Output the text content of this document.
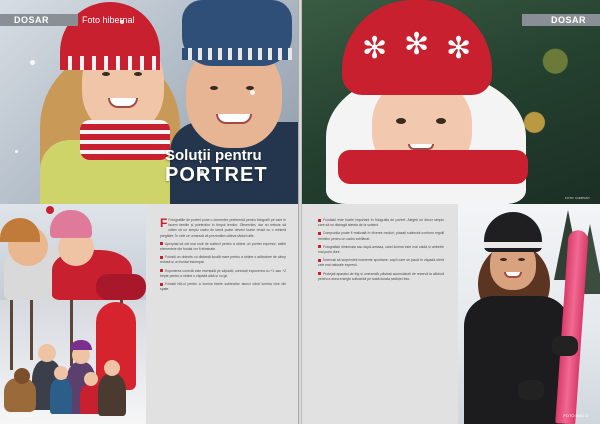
DOSAR	Foto hibernal
Soluții pentru
PORTRET
✻ ✻ ✻
DOSAR
FOTO: COMPANY
2 FOTO MAG

F Fotografiile de portret pune o domeniee preferență pentru fotografii pe care le facem familie și prietenilor în timpul iernilor. Observăm, dar nu trebuie să uităm că un simplu cadru de iarnă poate deveni foarte reușit cu o minimă pregătire. În cele ce urmează vă prezentăm câteva sfaturi utile.

Apropiați-vă cât mai mult de subiect pentru a obține un portret expresiv; astfel elementele din fundal vor fi eliminate.

Folosiți un obiectiv cu distanță focală mare pentru a obține o adâncime de câmp redusă și un fundal estompat.

Expunerea corectă este esențială pe zăpadă; corectați expunerea cu +1 sau +2 trepte pentru a obține o zăpadă albă și nu gri.

Folosiți bliț-ul pentru a lumina fețele subiecților atunci când lumina vine din spate.

Fundalul este foarte important în fotografia de portret. Alegeți un decor simplu care să nu distragă atenția de la subiect.

Compoziția poate fi realizată în diverse moduri; plasați subiectul conform regulii treimilor pentru un cadru echilibrat.

Fotografiați dimineața sau după-amiaza, când lumina este mai caldă și umbrele mai puțin dure.

Încercați să surprindeți momente spontane; copiii care se joacă în zăpadă oferă cele mai naturale expresii.

Protejați aparatul de frig și umezeală; păstrați acumulatorii de rezervă la căldură pentru a avea energie suficientă pe toată durata ședinței foto.

FOTO MAG 3
